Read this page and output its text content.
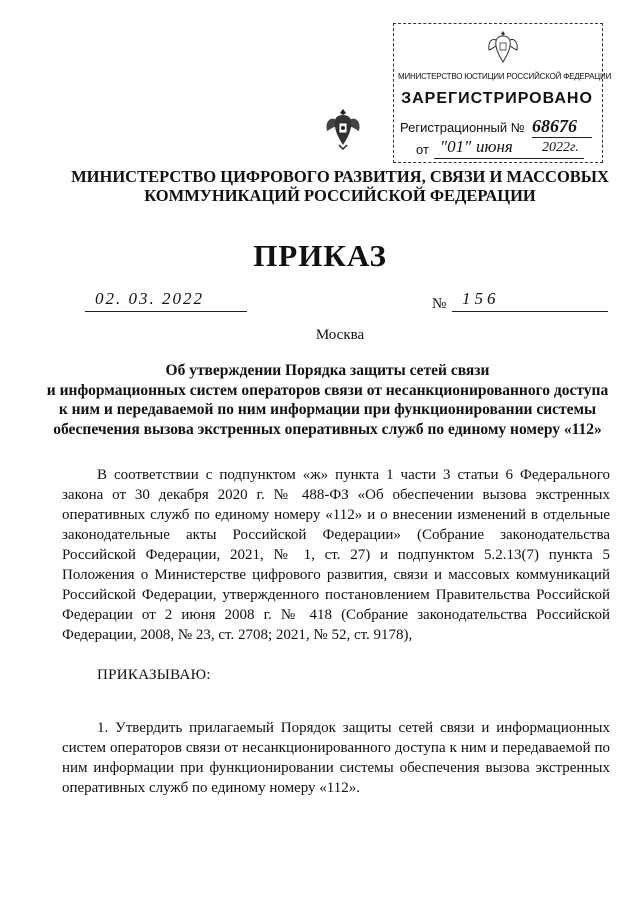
МИНИСТЕРСТВО ЮСТИЦИИ РОССИЙСКОЙ ФЕДЕРАЦИИ
ЗАРЕГИСТРИРОВАНО
Регистрационный № 68676
от "01" июня 2022г.
МИНИСТЕРСТВО ЦИФРОВОГО РАЗВИТИЯ, СВЯЗИ И МАССОВЫХ
КОММУНИКАЦИЙ РОССИЙСКОЙ ФЕДЕРАЦИИ
ПРИКАЗ
02. 03. 2022	№ 156
Москва
Об утверждении Порядка защиты сетей связи
и информационных систем операторов связи от несанкционированного доступа
к ним и передаваемой по ним информации при функционировании системы
обеспечения вызова экстренных оперативных служб по единому номеру «112»
В соответствии с подпунктом «ж» пункта 1 части 3 статьи 6 Федерального закона от 30 декабря 2020 г. № 488-ФЗ «Об обеспечении вызова экстренных оперативных служб по единому номеру «112» и о внесении изменений в отдельные законодательные акты Российской Федерации» (Собрание законодательства Российской Федерации, 2021, № 1, ст. 27) и подпунктом 5.2.13(7) пункта 5 Положения о Министерстве цифрового развития, связи и массовых коммуникаций Российской Федерации, утвержденного постановлением Правительства Российской Федерации от 2 июня 2008 г. № 418 (Собрание законодательства Российской Федерации, 2008, № 23, ст. 2708; 2021, № 52, ст. 9178),
ПРИКАЗЫВАЮ:
1. Утвердить прилагаемый Порядок защиты сетей связи и информационных систем операторов связи от несанкционированного доступа к ним и передаваемой по ним информации при функционировании системы обеспечения вызова экстренных оперативных служб по единому номеру «112».
